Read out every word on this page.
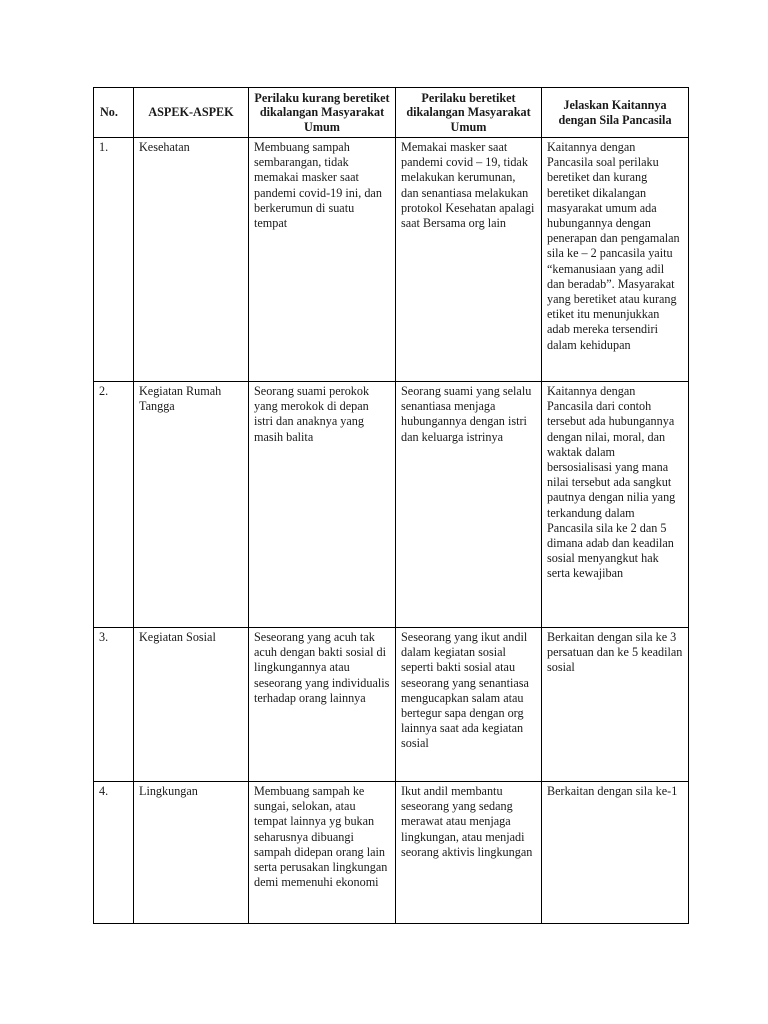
No.	ASPEK-ASPEK	Perilaku kurang beretiket dikalangan Masyarakat Umum	Perilaku beretiket dikalangan Masyarakat Umum	Jelaskan Kaitannya dengan Sila Pancasila
1.	Kesehatan	Membuang sampah sembarangan, tidak memakai masker saat pandemi covid-19 ini, dan berkerumun di suatu tempat	Memakai masker saat pandemi covid – 19, tidak melakukan kerumunan, dan senantiasa melakukan protokol Kesehatan apalagi saat Bersama org lain	Kaitannya dengan Pancasila soal perilaku beretiket dan kurang beretiket dikalangan masyarakat umum ada hubungannya dengan penerapan dan pengamalan sila ke – 2 pancasila yaitu “kemanusiaan yang adil dan beradab”. Masyarakat yang beretiket atau kurang etiket itu menunjukkan adab mereka tersendiri dalam kehidupan
2.	Kegiatan Rumah Tangga	Seorang suami perokok yang merokok di depan istri dan anaknya yang masih balita	Seorang suami yang selalu senantiasa menjaga hubungannya dengan istri dan keluarga istrinya	Kaitannya dengan Pancasila dari contoh tersebut ada hubungannya dengan nilai, moral, dan waktak dalam bersosialisasi yang mana nilai tersebut ada sangkut pautnya dengan nilia yang terkandung dalam Pancasila sila ke 2 dan 5 dimana adab dan keadilan sosial menyangkut hak serta kewajiban
3.	Kegiatan Sosial	Seseorang yang acuh tak acuh dengan bakti sosial di lingkungannya atau seseorang yang individualis terhadap orang lainnya	Seseorang yang ikut andil dalam kegiatan sosial seperti bakti sosial atau seseorang yang senantiasa mengucapkan salam atau bertegur sapa dengan org lainnya saat ada kegiatan sosial	Berkaitan dengan sila ke 3 persatuan dan ke 5 keadilan sosial
4.	Lingkungan	Membuang sampah ke sungai, selokan, atau tempat lainnya yg bukan seharusnya dibuangi sampah didepan orang lain serta perusakan lingkungan demi memenuhi ekonomi	Ikut andil membantu seseorang yang sedang merawat atau menjaga lingkungan, atau menjadi seorang aktivis lingkungan	Berkaitan dengan sila ke-1
